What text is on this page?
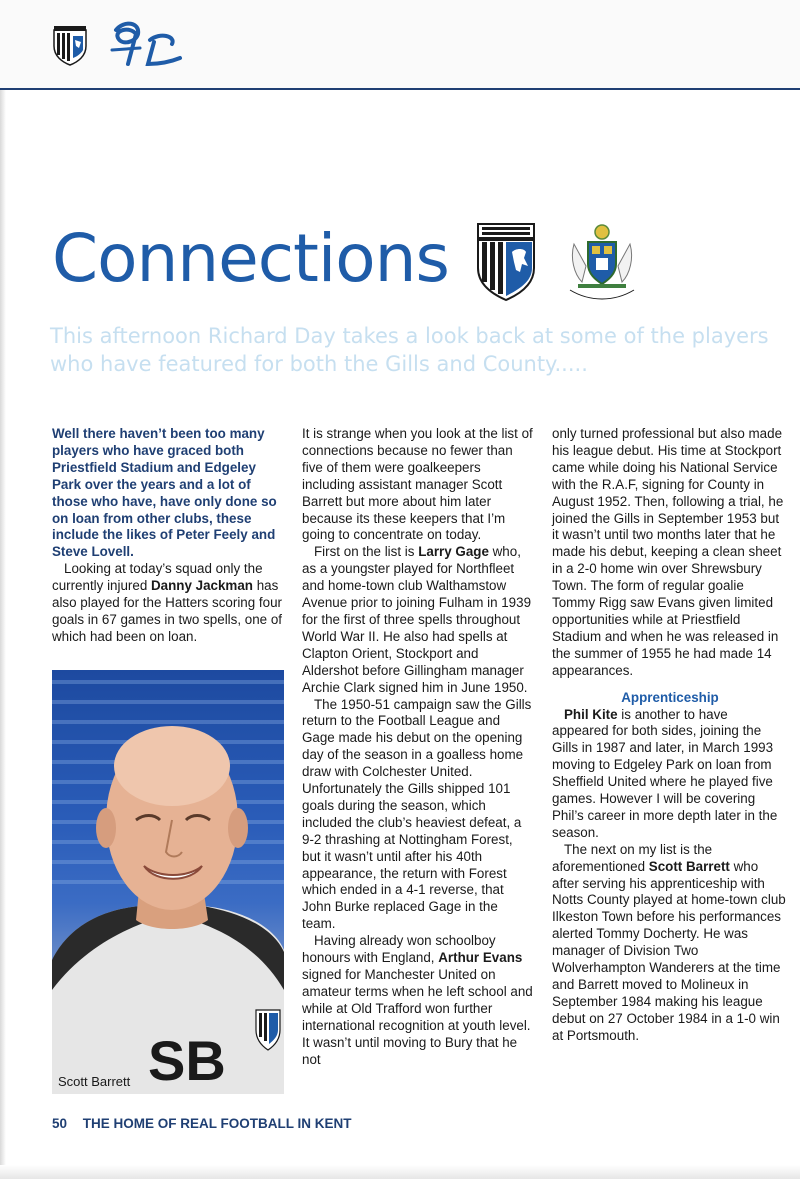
Connections

This afternoon Richard Day takes a look back at some of the players who have featured for both the Gills and County.....

Well there haven’t been too many players who have graced both Priestfield Stadium and Edgeley Park over the years and a lot of those who have, have only done so on loan from other clubs, these include the likes of Peter Feely and Steve Lovell.

Looking at today’s squad only the currently injured Danny Jackman has also played for the Hatters scoring four goals in 67 games in two spells, one of which had been on loan.

SB
Scott Barrett

It is strange when you look at the list of connections because no fewer than five of them were goalkeepers including assistant manager Scott Barrett but more about him later because its these keepers that I’m going to concentrate on today.

First on the list is Larry Gage who, as a youngster played for Northfleet and home-town club Walthamstow Avenue prior to joining Fulham in 1939 for the first of three spells throughout World War II. He also had spells at Clapton Orient, Stockport and Aldershot before Gillingham manager Archie Clark signed him in June 1950.

The 1950-51 campaign saw the Gills return to the Football League and Gage made his debut on the opening day of the season in a goalless home draw with Colchester United. Unfortunately the Gills shipped 101 goals during the season, which included the club’s heaviest defeat, a 9-2 thrashing at Nottingham Forest, but it wasn’t until after his 40th appearance, the return with Forest which ended in a 4-1 reverse, that John Burke replaced Gage in the team.

Having already won schoolboy honours with England, Arthur Evans signed for Manchester United on amateur terms when he left school and while at Old Trafford won further international recognition at youth level. It wasn’t until moving to Bury that he not

only turned professional but also made his league debut. His time at Stockport came while doing his National Service with the R.A.F, signing for County in August 1952. Then, following a trial, he joined the Gills in September 1953 but it wasn’t until two months later that he made his debut, keeping a clean sheet in a 2-0 home win over Shrewsbury Town. The form of regular goalie Tommy Rigg saw Evans given limited opportunities while at Priestfield Stadium and when he was released in the summer of 1955 he had made 14 appearances.

Apprenticeship

Phil Kite is another to have appeared for both sides, joining the Gills in 1987 and later, in March 1993 moving to Edgeley Park on loan from Sheffield United where he played five games. However I will be covering Phil’s career in more depth later in the season.

The next on my list is the aforementioned Scott Barrett who after serving his apprenticeship with Notts County played at home-town club Ilkeston Town before his performances alerted Tommy Docherty. He was manager of Division Two Wolverhampton Wanderers at the time and Barrett moved to Molineux in September 1984 making his league debut on 27 October 1984 in a 1-0 win at Portsmouth.

50 THE HOME OF REAL FOOTBALL IN KENT
